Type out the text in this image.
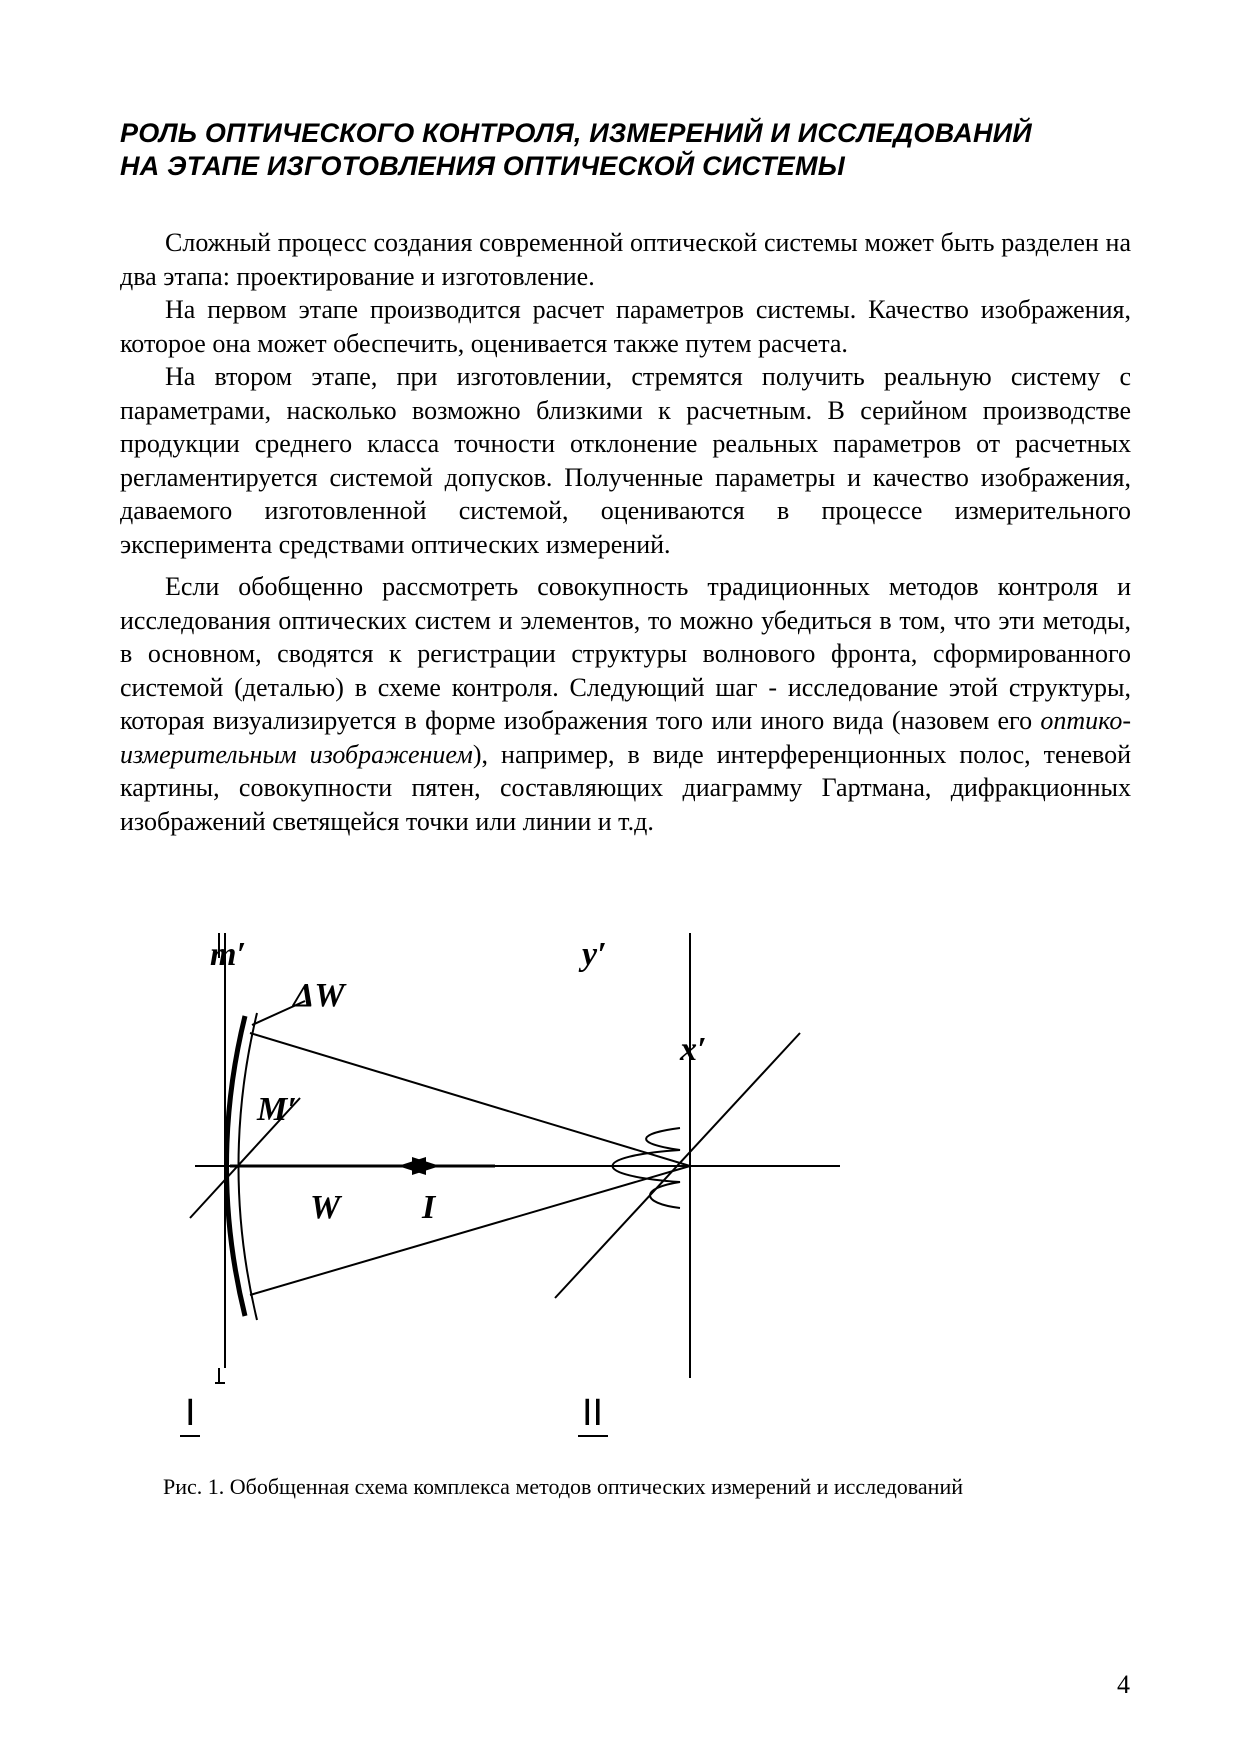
РОЛЬ ОПТИЧЕСКОГО КОНТРОЛЯ, ИЗМЕРЕНИЙ И ИССЛЕДОВАНИЙ
НА ЭТАПЕ ИЗГОТОВЛЕНИЯ ОПТИЧЕСКОЙ СИСТЕМЫ

Сложный процесс создания современной оптической системы может быть разделен на два этапа: проектирование и изготовление.

На первом этапе производится расчет параметров системы. Качество изображения, которое она может обеспечить, оценивается также путем расчета.

На втором этапе, при изготовлении, стремятся получить реальную систему с параметрами, насколько возможно близкими к расчетным. В серийном производстве продукции среднего класса точности отклонение реальных параметров от расчетных регламентируется системой допусков. Полученные параметры и качество изображения, даваемого изготовленной системой, оцениваются в процессе измерительного эксперимента средствами оптических измерений.

Если обобщенно рассмотреть совокупность традиционных методов контроля и исследования оптических систем и элементов, то можно убедиться в том, что эти методы, в основном, сводятся к регистрации структуры волнового фронта, сформированного системой (деталью) в схеме контроля. Следующий шаг - исследование этой структуры, которая визуализируется в форме изображения того или иного вида (назовем его оптико-измерительным изображением), например, в виде интерференционных полос, теневой картины, совокупности пятен, составляющих диаграмму Гартмана, дифракционных изображений светящейся точки или линии и т.д.

m′	y′
ΔW
x′
M′
W I
I	II
Рис. 1. Обобщенная схема комплекса методов оптических измерений и исследований
4
